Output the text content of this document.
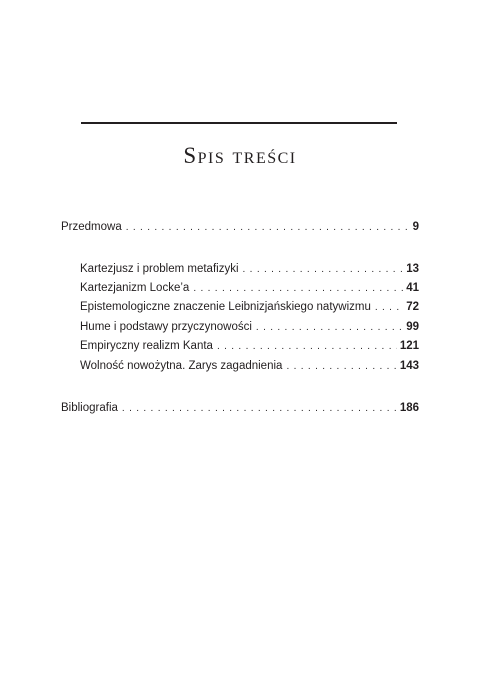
Spis treści
Przedmowa . . .	9
Kartezjusz i problem metafizyki . . .	13
Kartezjanizm Locke’a . . .	41
Epistemologiczne znaczenie Leibnizjańskiego natywizmu . . .	72
Hume i podstawy przyczynowości . . .	99
Empiryczny realizm Kanta . . .	121
Wolność nowożytna. Zarys zagadnienia . . .	143
Bibliografia . . .	186
